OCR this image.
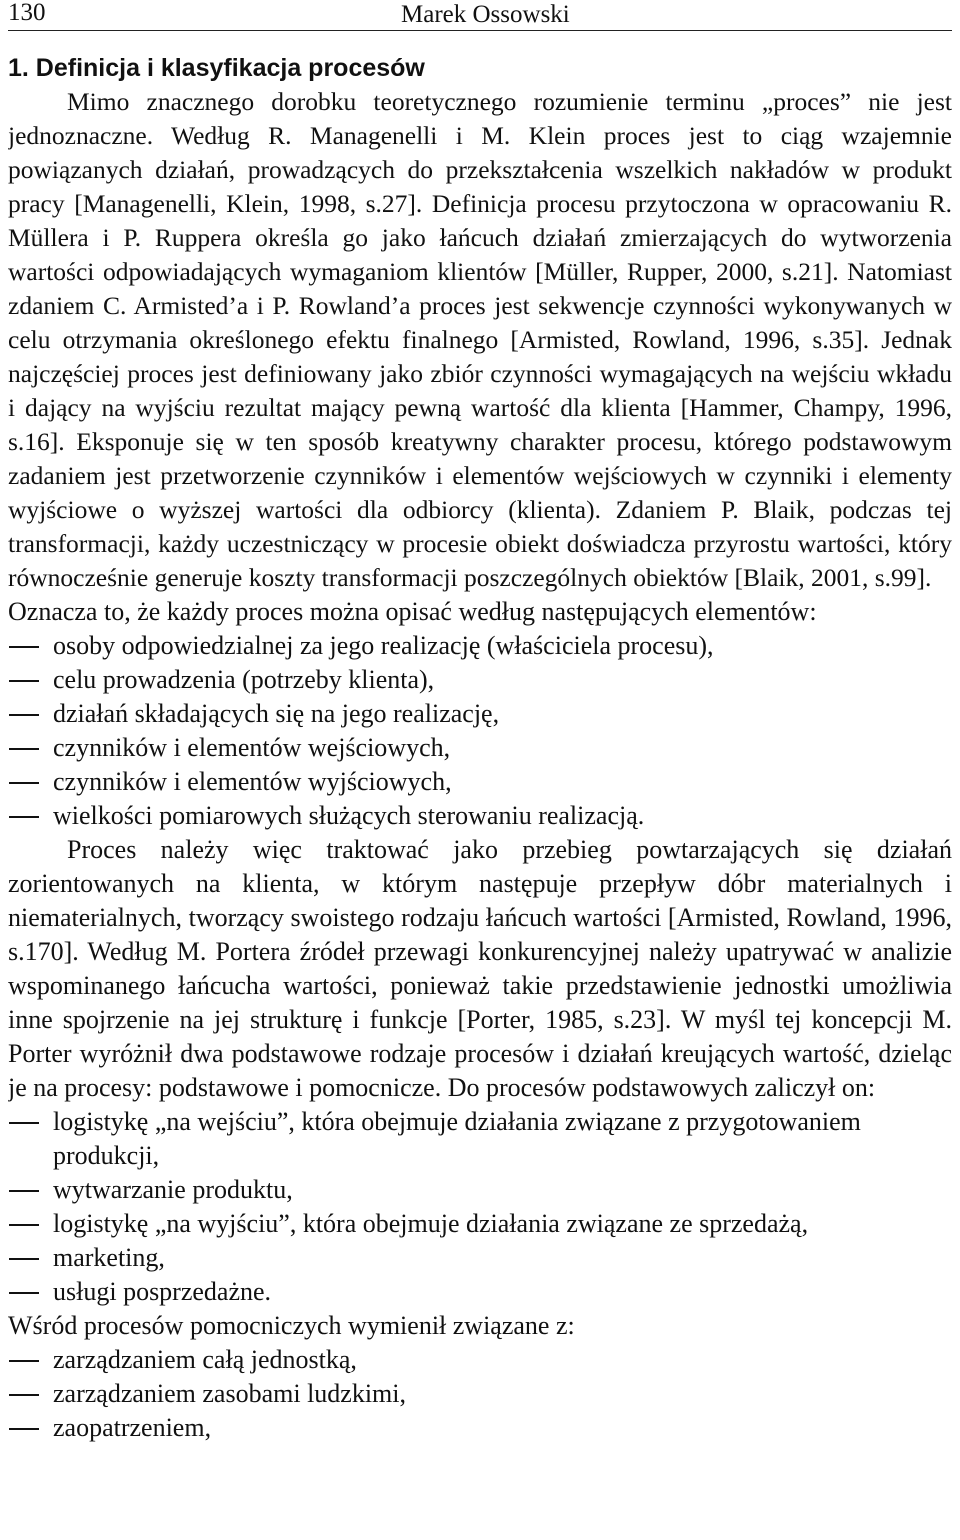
130	Marek Ossowski
1. Definicja i klasyfikacja procesów

Mimo znacznego dorobku teoretycznego rozumienie terminu „proces” nie jest jednoznaczne. Według R. Managenelli i M. Klein proces jest to ciąg wzajemnie powiązanych działań, prowadzących do przekształcenia wszelkich nakładów w produkt pracy [Managenelli, Klein, 1998, s.27]. Definicja procesu przytoczona w opracowaniu R. Müllera i P. Ruppera określa go jako łańcuch działań zmierzających do wytworzenia wartości odpowiadających wymaganiom klientów [Müller, Rupper, 2000, s.21]. Natomiast zdaniem C. Armisted’a i P. Rowland’a proces jest sekwencje czynności wykonywanych w celu otrzymania określonego efektu finalnego [Armisted, Rowland, 1996, s.35]. Jednak najczęściej proces jest definiowany jako zbiór czynności wymagających na wejściu wkładu i dający na wyjściu rezultat mający pewną wartość dla klienta [Hammer, Champy, 1996, s.16]. Eksponuje się w ten sposób kreatywny charakter procesu, którego podstawowym zadaniem jest przetworzenie czynników i elementów wejściowych w czynniki i elementy wyjściowe o wyższej wartości dla odbiorcy (klienta). Zdaniem P. Blaik, podczas tej transformacji, każdy uczestniczący w procesie obiekt doświadcza przyrostu wartości, który równocześnie generuje koszty transformacji poszczególnych obiektów [Blaik, 2001, s.99].

Oznacza to, że każdy proces można opisać według następujących elementów:

osoby odpowiedzialnej za jego realizację (właściciela procesu),
celu prowadzenia (potrzeby klienta),
działań składających się na jego realizację,
czynników i elementów wejściowych,
czynników i elementów wyjściowych,
wielkości pomiarowych służących sterowaniu realizacją.

Proces należy więc traktować jako przebieg powtarzających się działań zorientowanych na klienta, w którym następuje przepływ dóbr materialnych i niematerialnych, tworzący swoistego rodzaju łańcuch wartości [Armisted, Rowland, 1996, s.170]. Według M. Portera źródeł przewagi konkurencyjnej należy upatrywać w analizie wspominanego łańcucha wartości, ponieważ takie przedstawienie jednostki umożliwia inne spojrzenie na jej strukturę i funkcje [Porter, 1985, s.23]. W myśl tej koncepcji M. Porter wyróżnił dwa podstawowe rodzaje procesów i działań kreujących wartość, dzieląc je na procesy: podstawowe i pomocnicze. Do procesów podstawowych zaliczył on:

logistykę „na wejściu”, która obejmuje działania związane z przygotowaniem produkcji,
wytwarzanie produktu,
logistykę „na wyjściu”, która obejmuje działania związane ze sprzedażą,
marketing,
usługi posprzedażne.

Wśród procesów pomocniczych wymienił związane z:

zarządzaniem całą jednostką,
zarządzaniem zasobami ludzkimi,
zaopatrzeniem,
